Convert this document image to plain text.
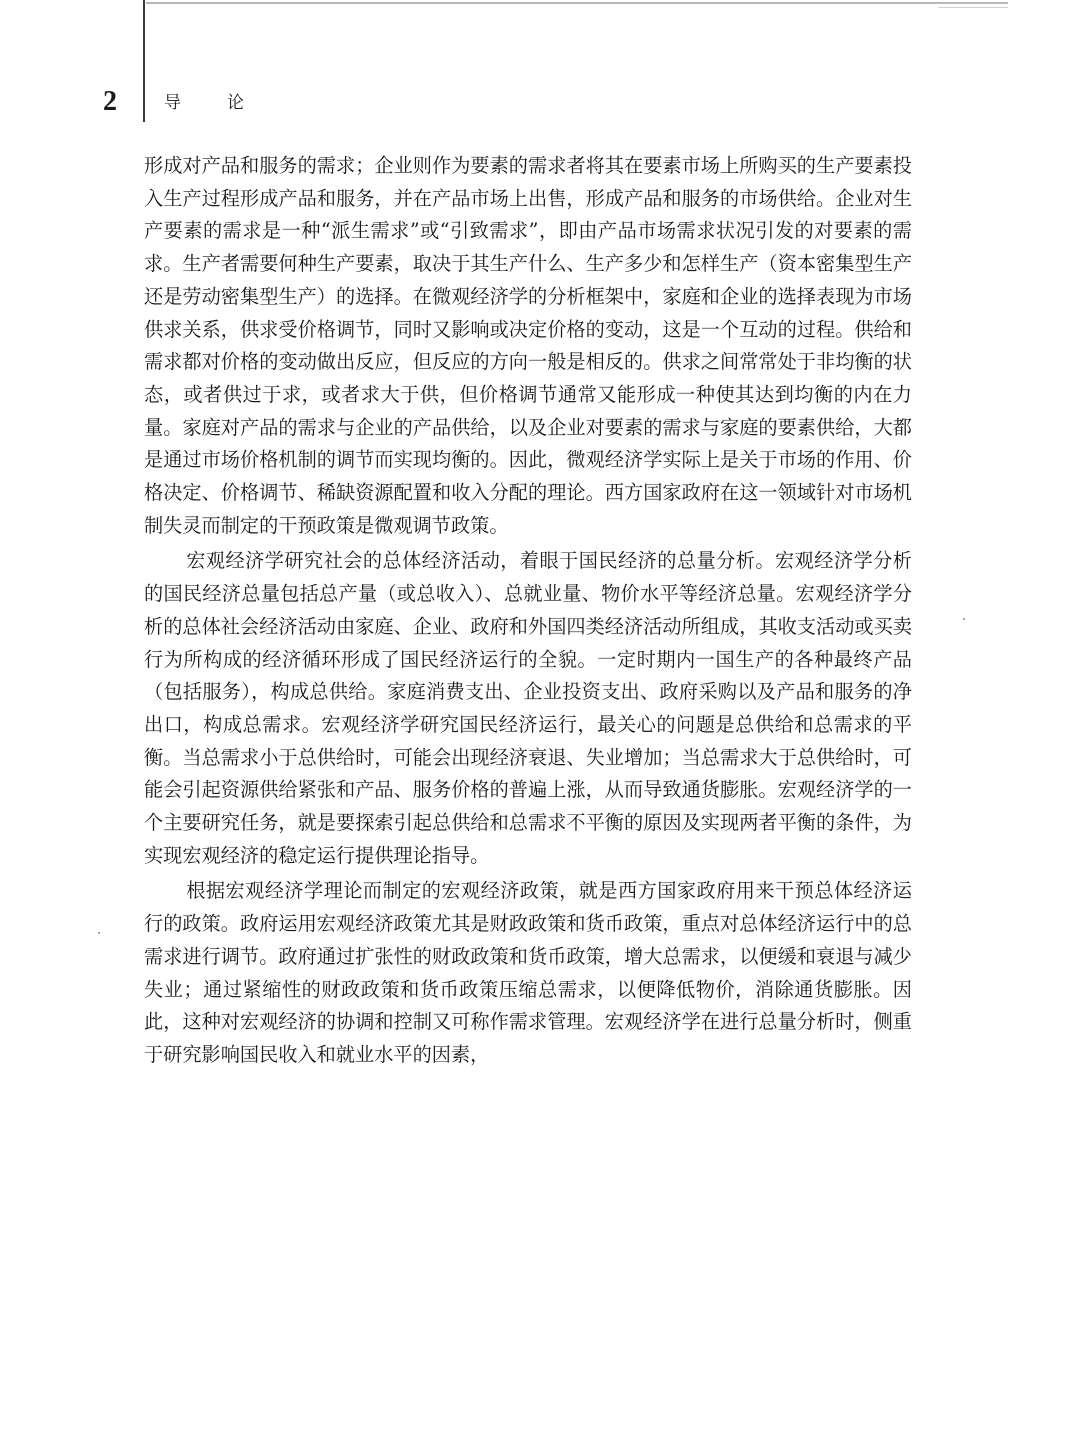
2	导论

形成对产品和服务的需求；企业则作为要素的需求者将其在要素市场上所购买的生产要素投入生产过程形成产品和服务，并在产品市场上出售，形成产品和服务的市场供给。企业对生产要素的需求是一种“派生需求”或“引致需求”，即由产品市场需求状况引发的对要素的需求。生产者需要何种生产要素，取决于其生产什么、生产多少和怎样生产（资本密集型生产还是劳动密集型生产）的选择。在微观经济学的分析框架中，家庭和企业的选择表现为市场供求关系，供求受价格调节，同时又影响或决定价格的变动，这是一个互动的过程。供给和需求都对价格的变动做出反应，但反应的方向一般是相反的。供求之间常常处于非均衡的状态，或者供过于求，或者求大于供，但价格调节通常又能形成一种使其达到均衡的内在力量。家庭对产品的需求与企业的产品供给，以及企业对要素的需求与家庭的要素供给，大都是通过市场价格机制的调节而实现均衡的。因此，微观经济学实际上是关于市场的作用、价格决定、价格调节、稀缺资源配置和收入分配的理论。西方国家政府在这一领域针对市场机制失灵而制定的干预政策是微观调节政策。

宏观经济学研究社会的总体经济活动，着眼于国民经济的总量分析。宏观经济学分析的国民经济总量包括总产量（或总收入）、总就业量、物价水平等经济总量。宏观经济学分析的总体社会经济活动由家庭、企业、政府和外国四类经济活动所组成，其收支活动或买卖行为所构成的经济循环形成了国民经济运行的全貌。一定时期内一国生产的各种最终产品（包括服务），构成总供给。家庭消费支出、企业投资支出、政府采购以及产品和服务的净出口，构成总需求。宏观经济学研究国民经济运行，最关心的问题是总供给和总需求的平衡。当总需求小于总供给时，可能会出现经济衰退、失业增加；当总需求大于总供给时，可能会引起资源供给紧张和产品、服务价格的普遍上涨，从而导致通货膨胀。宏观经济学的一个主要研究任务，就是要探索引起总供给和总需求不平衡的原因及实现两者平衡的条件，为实现宏观经济的稳定运行提供理论指导。

根据宏观经济学理论而制定的宏观经济政策，就是西方国家政府用来干预总体经济运行的政策。政府运用宏观经济政策尤其是财政政策和货币政策，重点对总体经济运行中的总需求进行调节。政府通过扩张性的财政政策和货币政策，增大总需求，以便缓和衰退与减少失业；通过紧缩性的财政政策和货币政策压缩总需求，以便降低物价，消除通货膨胀。因此，这种对宏观经济的协调和控制又可称作需求管理。宏观经济学在进行总量分析时，侧重于研究影响国民收入和就业水平的因素，
